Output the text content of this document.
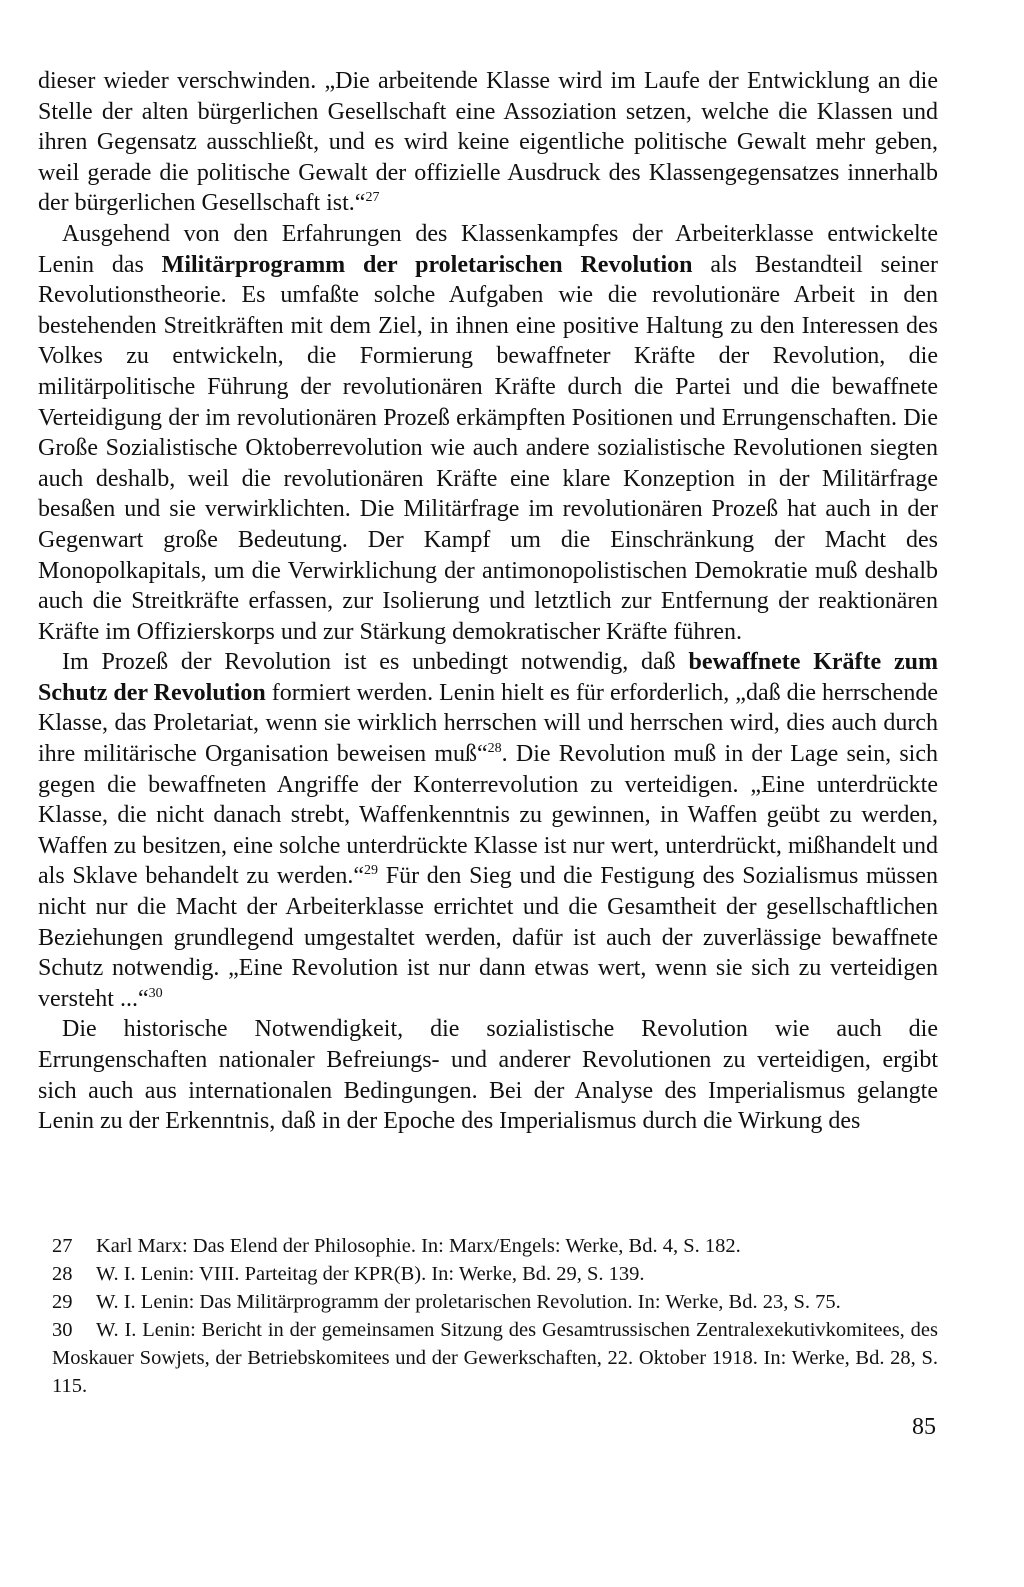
dieser wieder verschwinden. „Die arbeitende Klasse wird im Laufe der Entwicklung an die Stelle der alten bürgerlichen Gesellschaft eine Assoziation setzen, welche die Klassen und ihren Gegensatz ausschließt, und es wird keine eigentliche politische Gewalt mehr geben, weil gerade die politische Gewalt der offizielle Ausdruck des Klassengegensatzes innerhalb der bürgerlichen Gesellschaft ist.“$^{27}$

Ausgehend von den Erfahrungen des Klassenkampfes der Arbeiterklasse entwickelte Lenin das Militärprogramm der proletarischen Revolution als Bestandteil seiner Revolutionstheorie. Es umfaßte solche Aufgaben wie die revolutionäre Arbeit in den bestehenden Streitkräften mit dem Ziel, in ihnen eine positive Haltung zu den Interessen des Volkes zu entwickeln, die Formierung bewaffneter Kräfte der Revolution, die militärpolitische Führung der revolutionären Kräfte durch die Partei und die bewaffnete Verteidigung der im revolutionären Prozeß erkämpften Positionen und Errungenschaften. Die Große Sozialistische Oktoberrevolution wie auch andere sozialistische Revolutionen siegten auch deshalb, weil die revolutionären Kräfte eine klare Konzeption in der Militärfrage besaßen und sie verwirklichten. Die Militärfrage im revolutionären Prozeß hat auch in der Gegenwart große Bedeutung. Der Kampf um die Einschränkung der Macht des Monopolkapitals, um die Verwirklichung der antimonopolistischen Demokratie muß deshalb auch die Streitkräfte erfassen, zur Isolierung und letztlich zur Entfernung der reaktionären Kräfte im Offizierskorps und zur Stärkung demokratischer Kräfte führen.

Im Prozeß der Revolution ist es unbedingt notwendig, daß bewaffnete Kräfte zum Schutz der Revolution formiert werden. Lenin hielt es für erforderlich, „daß die herrschende Klasse, das Proletariat, wenn sie wirklich herrschen will und herrschen wird, dies auch durch ihre militärische Organisation beweisen muß“$^{28}$. Die Revolution muß in der Lage sein, sich gegen die bewaffneten Angriffe der Konterrevolution zu verteidigen. „Eine unterdrückte Klasse, die nicht danach strebt, Waffenkenntnis zu gewinnen, in Waffen geübt zu werden, Waffen zu besitzen, eine solche unterdrückte Klasse ist nur wert, unterdrückt, mißhandelt und als Sklave behandelt zu werden.“$^{29}$ Für den Sieg und die Festigung des Sozialismus müssen nicht nur die Macht der Arbeiterklasse errichtet und die Gesamtheit der gesellschaftlichen Beziehungen grundlegend umgestaltet werden, dafür ist auch der zuverlässige bewaffnete Schutz notwendig. „Eine Revolution ist nur dann etwas wert, wenn sie sich zu verteidigen versteht ...“$^{30}$

Die historische Notwendigkeit, die sozialistische Revolution wie auch die Errungenschaften nationaler Befreiungs- und anderer Revolutionen zu verteidigen, ergibt sich auch aus internationalen Bedingungen. Bei der Analyse des Imperialismus gelangte Lenin zu der Erkenntnis, daß in der Epoche des Imperialismus durch die Wirkung des

27 Karl Marx: Das Elend der Philosophie. In: Marx/Engels: Werke, Bd. 4, S. 182.

28 W. I. Lenin: VIII. Parteitag der KPR(B). In: Werke, Bd. 29, S. 139.

29 W. I. Lenin: Das Militärprogramm der proletarischen Revolution. In: Werke, Bd. 23, S. 75.

30 W. I. Lenin: Bericht in der gemeinsamen Sitzung des Gesamtrussischen Zentralexekutivkomitees, des Moskauer Sowjets, der Betriebskomitees und der Gewerkschaften, 22. Oktober 1918. In: Werke, Bd. 28, S. 115.

85
